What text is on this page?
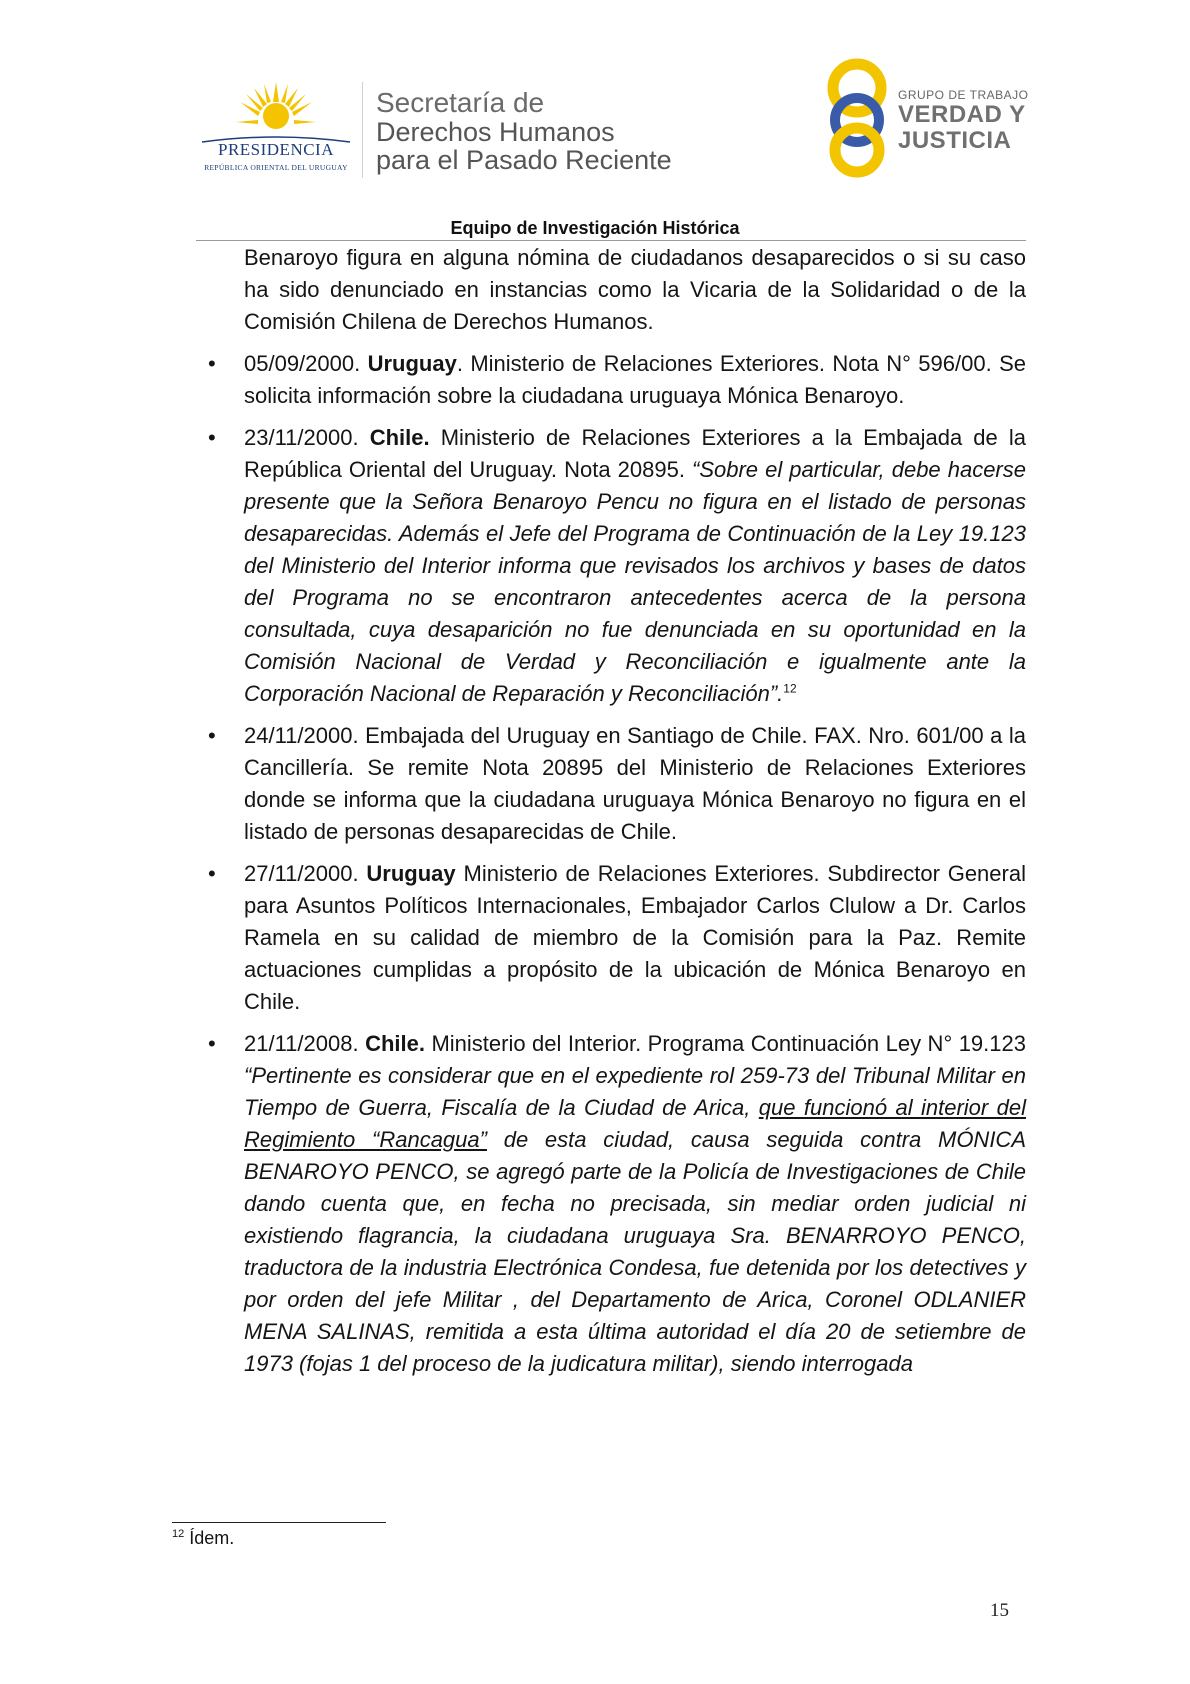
PRESIDENCIA
REPÚBLICA ORIENTAL DEL URUGUAY
Secretaría de
Derechos Humanos
para el Pasado Reciente
GRUPO DE TRABAJO
VERDAD Y
JUSTICIA
Equipo de Investigación Histórica

Benaroyo figura en alguna nómina de ciudadanos desaparecidos o si su caso ha sido denunciado en instancias como la Vicaria de la Solidaridad o de la Comisión Chilena de Derechos Humanos.

• 05/09/2000. Uruguay. Ministerio de Relaciones Exteriores. Nota N° 596/00. Se solicita información sobre la ciudadana uruguaya Mónica Benaroyo.
• 23/11/2000. Chile. Ministerio de Relaciones Exteriores a la Embajada de la República Oriental del Uruguay. Nota 20895. “Sobre el particular, debe hacerse presente que la Señora Benaroyo Pencu no figura en el listado de personas desaparecidas. Además el Jefe del Programa de Continuación de la Ley 19.123 del Ministerio del Interior informa que revisados los archivos y bases de datos del Programa no se encontraron antecedentes acerca de la persona consultada, cuya desaparición no fue denunciada en su oportunidad en la Comisión Nacional de Verdad y Reconciliación e igualmente ante la Corporación Nacional de Reparación y Reconciliación”.$^{12}$
• 24/11/2000. Embajada del Uruguay en Santiago de Chile. FAX. Nro. 601/00 a la Cancillería. Se remite Nota 20895 del Ministerio de Relaciones Exteriores donde se informa que la ciudadana uruguaya Mónica Benaroyo no figura en el listado de personas desaparecidas de Chile.
• 27/11/2000. Uruguay Ministerio de Relaciones Exteriores. Subdirector General para Asuntos Políticos Internacionales, Embajador Carlos Clulow a Dr. Carlos Ramela en su calidad de miembro de la Comisión para la Paz. Remite actuaciones cumplidas a propósito de la ubicación de Mónica Benaroyo en Chile.
• 21/11/2008. Chile. Ministerio del Interior. Programa Continuación Ley N° 19.123 “Pertinente es considerar que en el expediente rol 259-73 del Tribunal Militar en Tiempo de Guerra, Fiscalía de la Ciudad de Arica, que funcionó al interior del Regimiento “Rancagua” de esta ciudad, causa seguida contra MÓNICA BENAROYO PENCO, se agregó parte de la Policía de Investigaciones de Chile dando cuenta que, en fecha no precisada, sin mediar orden judicial ni existiendo flagrancia, la ciudadana uruguaya Sra. BENARROYO PENCO, traductora de la industria Electrónica Condesa, fue detenida por los detectives y por orden del jefe Militar , del Departamento de Arica, Coronel ODLANIER MENA SALINAS, remitida a esta última autoridad el día 20 de setiembre de 1973 (fojas 1 del proceso de la judicatura militar), siendo interrogada
$^{12}$ Ídem.
15
